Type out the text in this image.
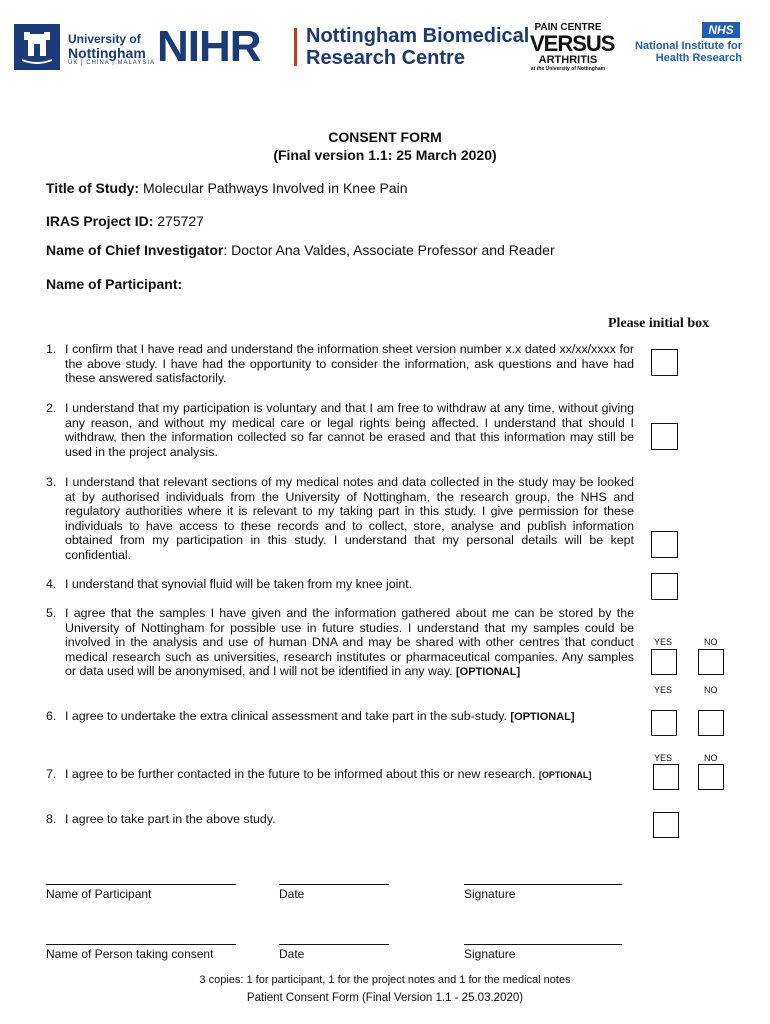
University of
Nottingham
UK | CHINA | MALAYSIA NIHR Nottingham Biomedical
Research Centre
PAIN CENTRE
VERSUS
ARTHRITIS
at the University of Nottingham
NHS
National Institute for
Health Research
CONSENT FORM
(Final version 1.1: 25 March 2020)
Title of Study: Molecular Pathways Involved in Knee Pain
IRAS Project ID: 275727
Name of Chief Investigator: Doctor Ana Valdes, Associate Professor and Reader
Name of Participant:
Please initial box
1. I confirm that I have read and understand the information sheet version number x.x dated xx/xx/xxxx for the above study. I have had the opportunity to consider the information, ask questions and have had these answered satisfactorily.
2. I understand that my participation is voluntary and that I am free to withdraw at any time, without giving any reason, and without my medical care or legal rights being affected. I understand that should I withdraw, then the information collected so far cannot be erased and that this information may still be used in the project analysis.
3. I understand that relevant sections of my medical notes and data collected in the study may be looked at by authorised individuals from the University of Nottingham, the research group, the NHS and regulatory authorities where it is relevant to my taking part in this study. I give permission for these individuals to have access to these records and to collect, store, analyse and publish information obtained from my participation in this study. I understand that my personal details will be kept confidential.
4. I understand that synovial fluid will be taken from my knee joint.
5. I agree that the samples I have given and the information gathered about me can be stored by the University of Nottingham for possible use in future studies. I understand that my samples could be involved in the analysis and use of human DNA and may be shared with other centres that conduct medical research such as universities, research institutes or pharmaceutical companies. Any samples or data used will be anonymised, and I will not be identified in any way. [OPTIONAL]
6. I agree to undertake the extra clinical assessment and take part in the sub-study. [OPTIONAL]
7. I agree to be further contacted in the future to be informed about this or new research. [OPTIONAL]
8. I agree to take part in the above study.
YES	NO
YES	NO
YES	NO
Name of Participant	Date	Signature
Name of Person taking consent	Date	Signature
3 copies: 1 for participant, 1 for the project notes and 1 for the medical notes
Patient Consent Form (Final Version 1.1 - 25.03.2020)
